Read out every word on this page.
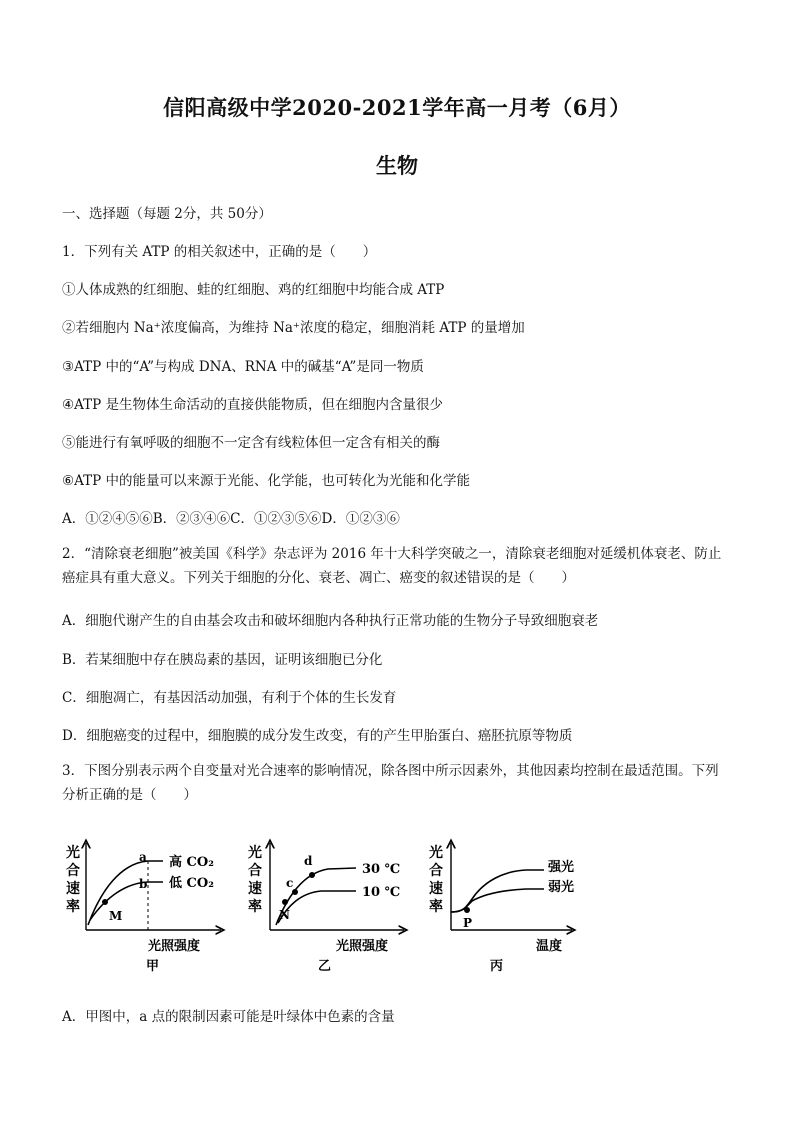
信阳高级中学2020-2021学年高一月考（6月）
生物
一、选择题（每题 2分，共 50分）
1．下列有关 ATP 的相关叙述中，正确的是（　　）
①人体成熟的红细胞、蛙的红细胞、鸡的红细胞中均能合成 ATP
②若细胞内 Na⁺浓度偏高，为维持 Na⁺浓度的稳定，细胞消耗 ATP 的量增加
③ATP 中的“A”与构成 DNA、RNA 中的碱基“A”是同一物质
④ATP 是生物体生命活动的直接供能物质，但在细胞内含量很少
⑤能进行有氧呼吸的细胞不一定含有线粒体但一定含有相关的酶
⑥ATP 中的能量可以来源于光能、化学能，也可转化为光能和化学能
A．①②④⑤⑥B．②③④⑥C．①②③⑤⑥D．①②③⑥
2．“清除衰老细胞”被美国《科学》杂志评为 2016 年十大科学突破之一，清除衰老细胞对延缓机体衰老、防止癌症具有重大意义。下列关于细胞的分化、衰老、凋亡、癌变的叙述错误的是（　　）
A．细胞代谢产生的自由基会攻击和破坏细胞内各种执行正常功能的生物分子导致细胞衰老
B．若某细胞中存在胰岛素的基因，证明该细胞已分化
C．细胞凋亡，有基因活动加强，有利于个体的生长发育
D．细胞癌变的过程中，细胞膜的成分发生改变，有的产生甲胎蛋白、癌胚抗原等物质
3．下图分别表示两个自变量对光合速率的影响情况，除各图中所示因素外，其他因素均控制在最适范围。下列分析正确的是（　　）
光
合
速
率
a
b
M
高 CO₂
低 CO₂
光照强度
甲
光
合
速
率
d
c
N
30 ℃
10 ℃
光照强度
乙
光
合
速
率
P
强光
弱光
温度
丙
A．甲图中，a 点的限制因素可能是叶绿体中色素的含量
